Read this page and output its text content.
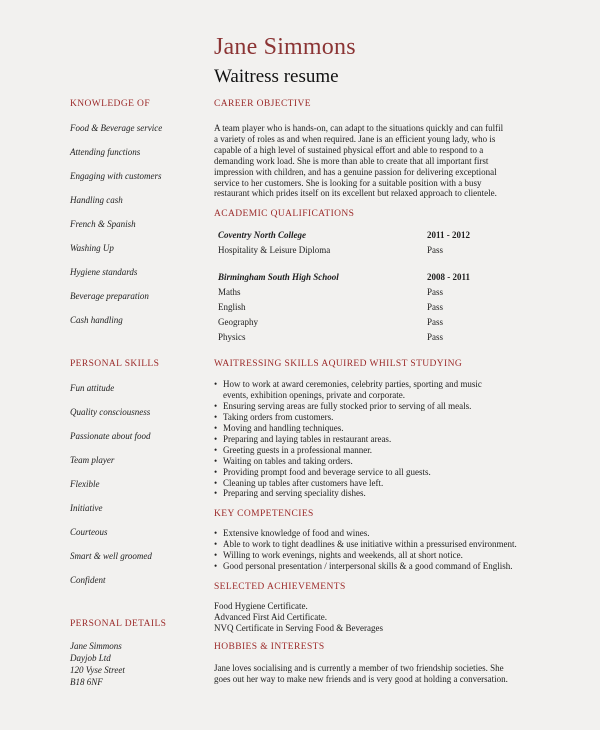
Jane Simmons
Waitress resume
KNOWLEDGE OF
Food & Beverage service
Attending functions
Engaging with customers
Handling cash
French & Spanish
Washing Up
Hygiene standards
Beverage preparation
Cash handling
PERSONAL SKILLS
Fun attitude
Quality consciousness
Passionate about food
Team player
Flexible
Initiative
Courteous
Smart & well groomed
Confident
PERSONAL DETAILS
Jane Simmons
Dayjob Ltd
120 Vyse Street
B18 6NF
CAREER OBJECTIVE

A team player who is hands-on, can adapt to the situations quickly and can fulfil

a variety of roles as and when required. Jane is an efficient young lady, who is

capable of a high level of sustained physical effort and able to respond to a

demanding work load. She is more than able to create that all important first

impression with children, and has a genuine passion for delivering exceptional

service to her customers. She is looking for a suitable position with a busy

restaurant which prides itself on its excellent but relaxed approach to clientele.

ACADEMIC QUALIFICATIONS
Coventry North College	2011 - 2012
Hospitality & Leisure Diploma	Pass

Birmingham South High School	2008 - 2011
Maths	Pass
English	Pass
Geography	Pass
Physics	Pass
WAITRESSING SKILLS AQUIRED WHILST STUDYING
• How to work at award ceremonies, celebrity parties, sporting and music
events, exhibition openings, private and corporate.
• Ensuring serving areas are fully stocked prior to serving of all meals.
• Taking orders from customers.
• Moving and handling techniques.
• Preparing and laying tables in restaurant areas.
• Greeting guests in a professional manner.
• Waiting on tables and taking orders.
• Providing prompt food and beverage service to all guests.
• Cleaning up tables after customers have left.
• Preparing and serving speciality dishes.
KEY COMPETENCIES
• Extensive knowledge of food and wines.
• Able to work to tight deadlines & use initiative within a pressurised environment.
• Willing to work evenings, nights and weekends, all at short notice.
• Good personal presentation / interpersonal skills & a good command of English.
SELECTED ACHIEVEMENTS

Food Hygiene Certificate.

Advanced First Aid Certificate.

NVQ Certificate in Serving Food & Beverages

HOBBIES & INTERESTS

Jane loves socialising and is currently a member of two friendship societies. She

goes out her way to make new friends and is very good at holding a conversation.
